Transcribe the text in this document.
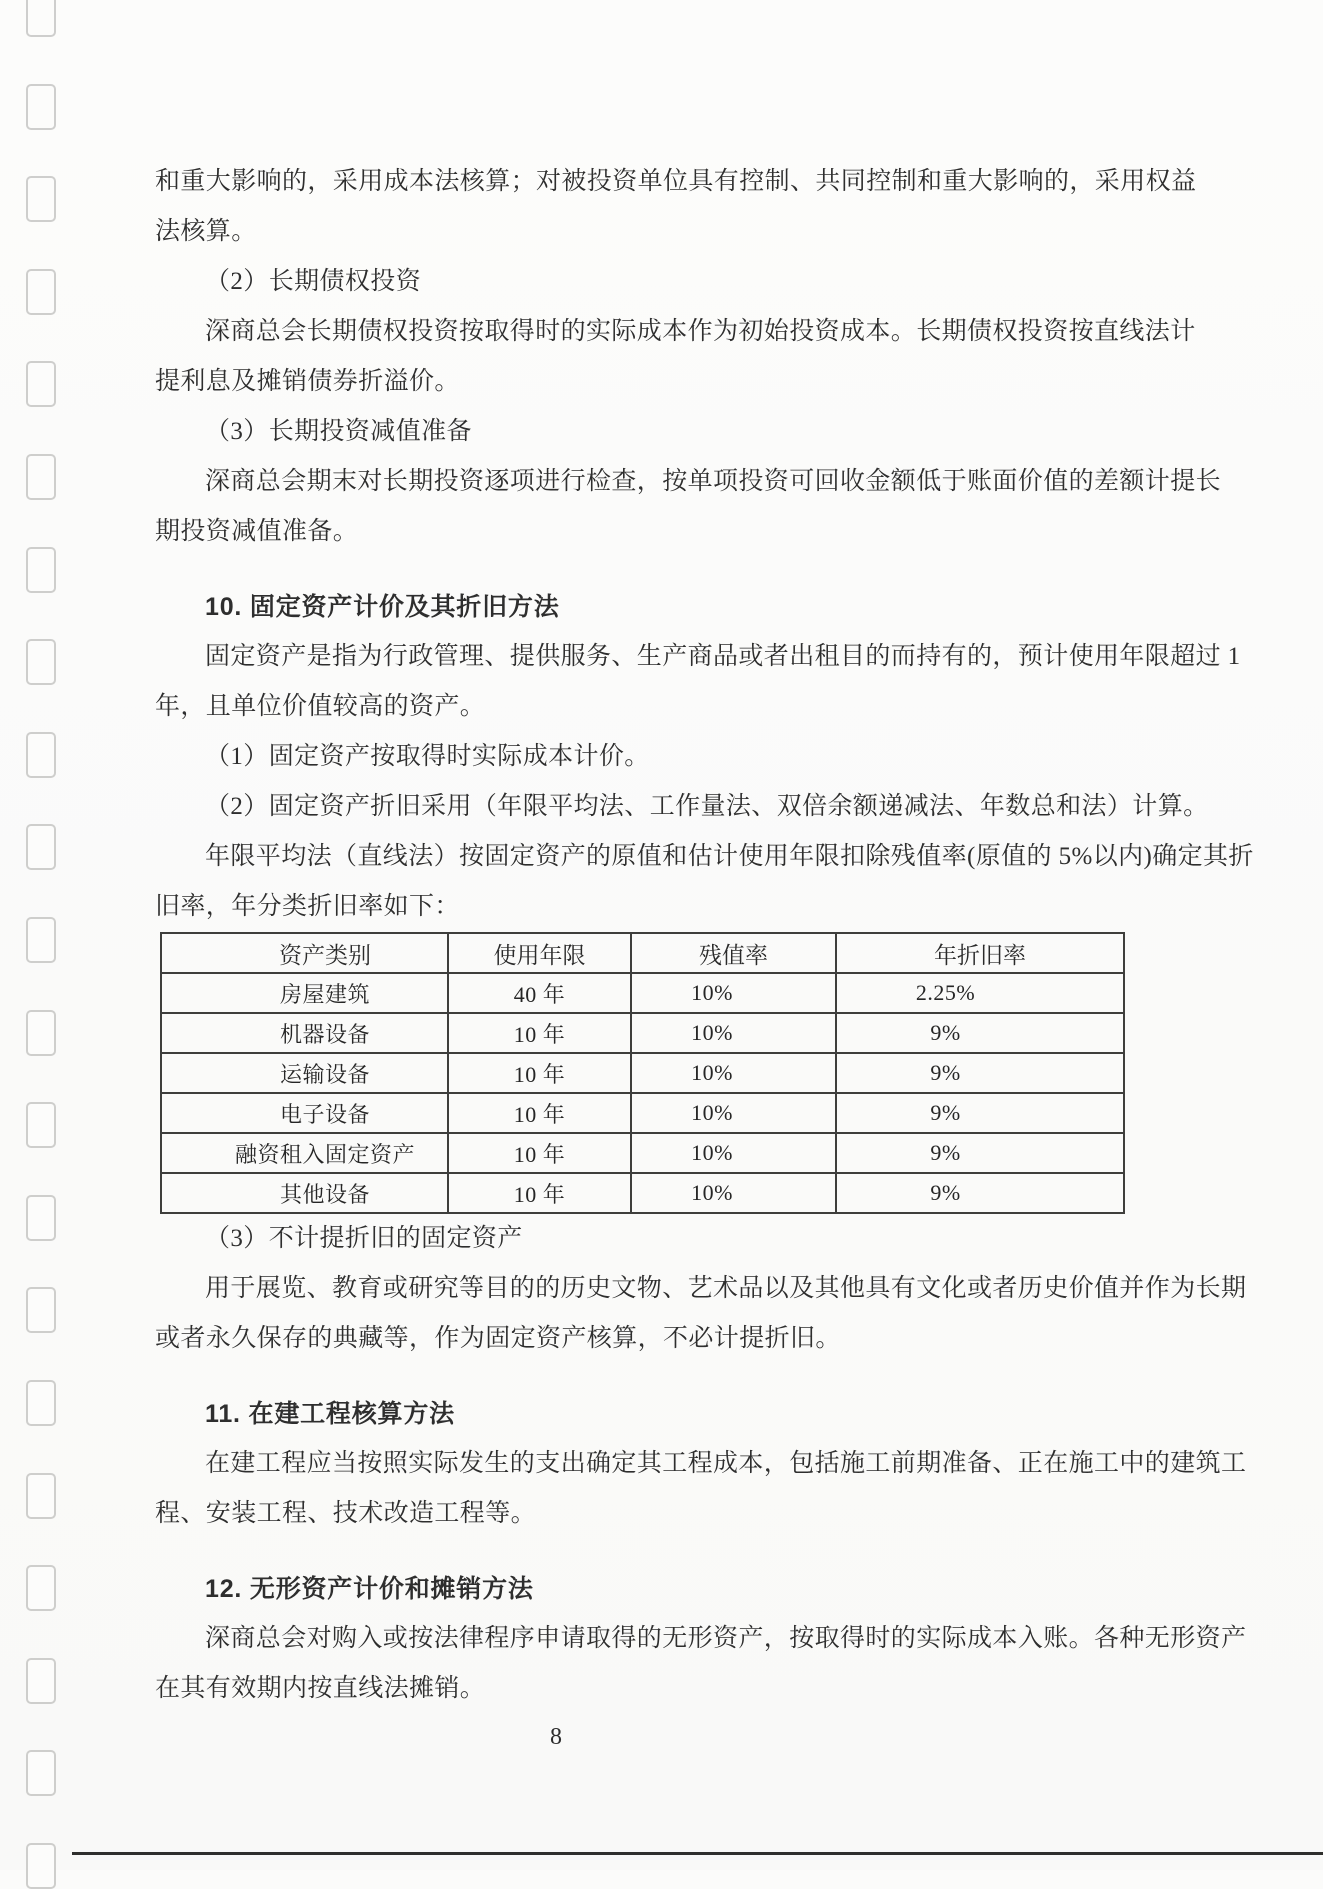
和重大影响的，采用成本法核算；对被投资单位具有控制、共同控制和重大影响的，采用权益
法核算。
（2）长期债权投资
深商总会长期债权投资按取得时的实际成本作为初始投资成本。长期债权投资按直线法计
提利息及摊销债券折溢价。
（3）长期投资减值准备
深商总会期末对长期投资逐项进行检查，按单项投资可回收金额低于账面价值的差额计提长
期投资减值准备。
10. 固定资产计价及其折旧方法
固定资产是指为行政管理、提供服务、生产商品或者出租目的而持有的，预计使用年限超过 1
年，且单位价值较高的资产。
（1）固定资产按取得时实际成本计价。
（2）固定资产折旧采用（年限平均法、工作量法、双倍余额递减法、年数总和法）计算。
年限平均法（直线法）按固定资产的原值和估计使用年限扣除残值率(原值的 5%以内)确定其折
旧率，年分类折旧率如下：
资产类别	使用年限	残值率	年折旧率
房屋建筑	40 年	10%	2.25%
机器设备	10 年	10%	9%
运输设备	10 年	10%	9%
电子设备	10 年	10%	9%
融资租入固定资产	10 年	10%	9%
其他设备	10 年	10%	9%
（3）不计提折旧的固定资产
用于展览、教育或研究等目的的历史文物、艺术品以及其他具有文化或者历史价值并作为长期
或者永久保存的典藏等，作为固定资产核算，不必计提折旧。
11. 在建工程核算方法
在建工程应当按照实际发生的支出确定其工程成本，包括施工前期准备、正在施工中的建筑工
程、安装工程、技术改造工程等。
12. 无形资产计价和摊销方法
深商总会对购入或按法律程序申请取得的无形资产，按取得时的实际成本入账。各种无形资产
在其有效期内按直线法摊销。
8
